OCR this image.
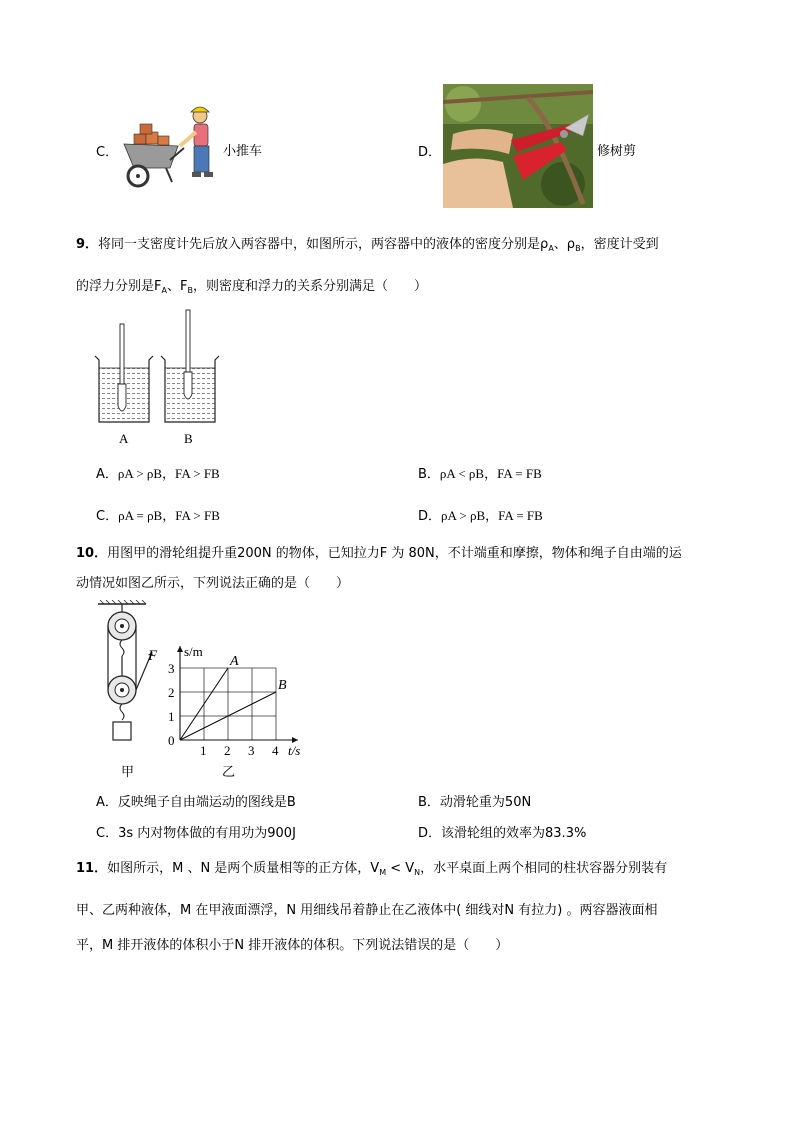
C．	小推车	D．	修树剪
9．将同一支密度计先后放入两容器中，如图所示，两容器中的液体的密度分别是$\rho_A$、$\rho_B$，密度计受到
的浮力分别是$F_A$、$F_B$，则密度和浮力的关系分别满足（　　）
A	B
A．ρA > ρB，FA > FB	B．ρA < ρB，FA = FB
C．ρA = ρB，FA > FB	D．ρA > ρB，FA = FB
10．用图甲的滑轮组提升重200N 的物体，已知拉力F 为 80N，不计端重和摩擦，物体和绳子自由端的运
动情况如图乙所示，下列说法正确的是（　　）
F
甲
A
B
0
1 2 3 4
1
2
3
s/m
t/s
乙
A．反映绳子自由端运动的图线是B	B．动滑轮重为50N
C．3s 内对物体做的有用功为900J	D．该滑轮组的效率为83.3%
11．如图所示，M 、N 是两个质量相等的正方体，$V_M < V_N$，水平桌面上两个相同的柱状容器分别装有
甲、乙两种液体，M 在甲液面漂浮，N 用细线吊着静止在乙液体中( 细线对N 有拉力) 。两容器液面相
平，M 排开液体的体积小于N 排开液体的体积。下列说法错误的是（　　）
